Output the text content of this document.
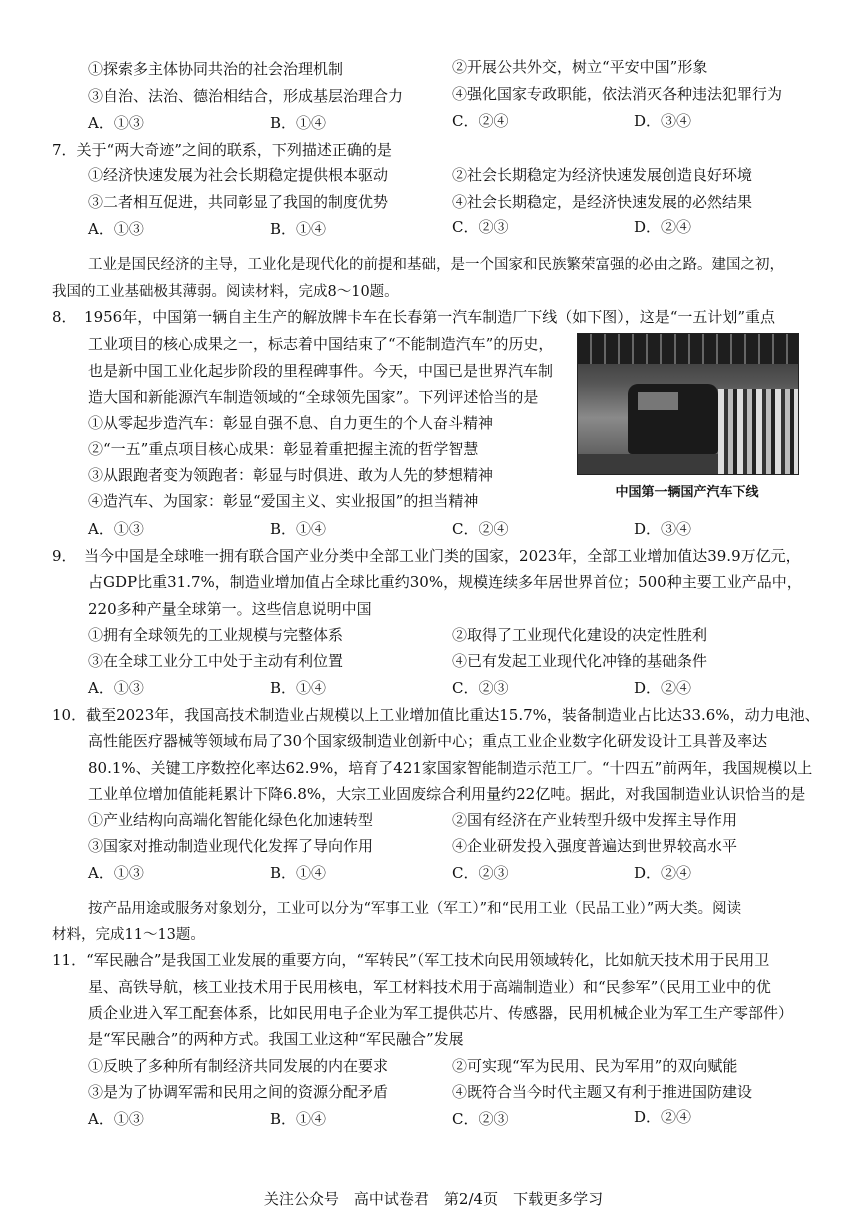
①探索多主体协同共治的社会治理机制	②开展公共外交，树立“平安中国”形象
③自治、法治、德治相结合，形成基层治理合力	④强化国家专政职能，依法消灭各种违法犯罪行为
A．①③	B．①④	C．②④	D．③④
7．关于“两大奇迹”之间的联系，下列描述正确的是
①经济快速发展为社会长期稳定提供根本驱动	②社会长期稳定为经济快速发展创造良好环境
③二者相互促进，共同彰显了我国的制度优势	④社会长期稳定，是经济快速发展的必然结果
A．①③	B．①④	C．②③	D．②④
工业是国民经济的主导，工业化是现代化的前提和基础，是一个国家和民族繁荣富强的必由之路。建国之初，
我国的工业基础极其薄弱。阅读材料，完成8～10题。
8．　1956年，中国第一辆自主生产的解放牌卡车在长春第一汽车制造厂下线（如下图），这是“一五计划”重点
工业项目的核心成果之一，标志着中国结束了“不能制造汽车”的历史，
也是新中国工业化起步阶段的里程碑事件。今天，中国已是世界汽车制
造大国和新能源汽车制造领域的“全球领先国家”。下列评述恰当的是
①从零起步造汽车：彰显自强不息、自力更生的个人奋斗精神
②“一五”重点项目核心成果：彰显着重把握主流的哲学智慧
③从跟跑者变为领跑者：彰显与时俱进、敢为人先的梦想精神
④造汽车、为国家：彰显“爱国主义、实业报国”的担当精神	中国第一辆国产汽车下线
A．①③	B．①④	C．②④	D．③④
9．　当今中国是全球唯一拥有联合国产业分类中全部工业门类的国家，2023年，全部工业增加值达39.9万亿元，
占GDP比重31.7%，制造业增加值占全球比重约30%，规模连续多年居世界首位；500种主要工业产品中，
220多种产量全球第一。这些信息说明中国
①拥有全球领先的工业规模与完整体系	②取得了工业现代化建设的决定性胜利
③在全球工业分工中处于主动有利位置	④已有发起工业现代化冲锋的基础条件
A．①③	B．①④	C．②③	D．②④
10．截至2023年，我国高技术制造业占规模以上工业增加值比重达15.7%，装备制造业占比达33.6%，动力电池、
高性能医疗器械等领域布局了30个国家级制造业创新中心；重点工业企业数字化研发设计工具普及率达
80.1%、关键工序数控化率达62.9%，培育了421家国家智能制造示范工厂。“十四五”前两年，我国规模以上
工业单位增加值能耗累计下降6.8%，大宗工业固废综合利用量约22亿吨。据此，对我国制造业认识恰当的是
①产业结构向高端化智能化绿色化加速转型	②国有经济在产业转型升级中发挥主导作用
③国家对推动制造业现代化发挥了导向作用	④企业研发投入强度普遍达到世界较高水平
A．①③	B．①④	C．②③	D．②④
按产品用途或服务对象划分，工业可以分为“军事工业（军工）”和“民用工业（民品工业）”两大类。阅读
材料，完成11～13题。
11．“军民融合”是我国工业发展的重要方向，“军转民”（军工技术向民用领域转化，比如航天技术用于民用卫
星、高铁导航，核工业技术用于民用核电，军工材料技术用于高端制造业）和“民参军”（民用工业中的优
质企业进入军工配套体系，比如民用电子企业为军工提供芯片、传感器，民用机械企业为军工生产零部件）
是“军民融合”的两种方式。我国工业这种“军民融合”发展
①反映了多种所有制经济共同发展的内在要求	②可实现“军为民用、民为军用”的双向赋能
③是为了协调军需和民用之间的资源分配矛盾	④既符合当今时代主题又有利于推进国防建设
A．①③	B．①④	C．②③	D．②④
关注公众号　高中试卷君　第2/4页　下载更多学习
